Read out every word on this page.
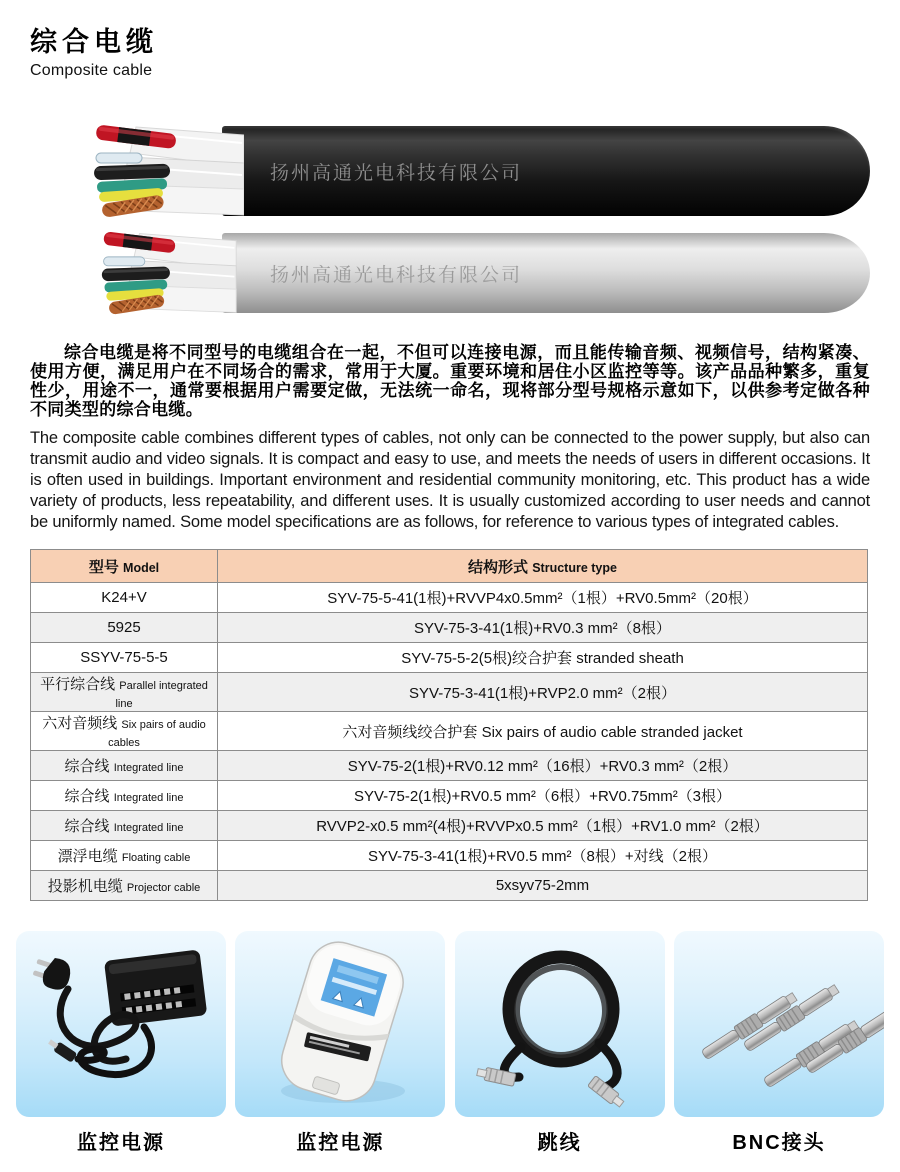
综合电缆
Composite cable
扬州高通光电科技有限公司
扬州高通光电科技有限公司

综合电缆是将不同型号的电缆组合在一起，不但可以连接电源，而且能传输音频、视频信号，结构紧凑、使用方便，满足用户在不同场合的需求，常用于大厦。重要环境和居住小区监控等等。该产品品种繁多，重复性少，用途不一，通常要根据用户需要定做，无法统一命名，现将部分型号规格示意如下，以供参考定做各种不同类型的综合电缆。

The composite cable combines different types of cables, not only can be connected to the power supply, but also can transmit audio and video signals. It is compact and easy to use, and meets the needs of users in different occasions. It is often used in buildings. Important environment and residential community monitoring, etc. This product has a wide variety of products, less repeatability, and different uses. It is usually customized according to user needs and cannot be uniformly named. Some model specifications are as follows, for reference to various types of integrated cables.

型号 Model	结构形式 Structure type
K24+V	SYV-75-5-41(1根)+RVVP4x0.5mm²（1根）+RV0.5mm²（20根）
5925	SYV-75-3-41(1根)+RV0.3 mm²（8根）
SSYV-75-5-5	SYV-75-5-2(5根)绞合护套 stranded sheath
平行综合线 Parallel integrated line	SYV-75-3-41(1根)+RVP2.0 mm²（2根）
六对音频线 Six pairs of audio cables	六对音频线绞合护套 Six pairs of audio cable stranded jacket
综合线 Integrated line	SYV-75-2(1根)+RV0.12 mm²（16根）+RV0.3 mm²（2根）
综合线 Integrated line	SYV-75-2(1根)+RV0.5 mm²（6根）+RV0.75mm²（3根）
综合线 Integrated line	RVVP2-x0.5 mm²(4根)+RVVPx0.5 mm²（1根）+RV1.0 mm²（2根）
漂浮电缆 Floating cable	SYV-75-3-41(1根)+RV0.5 mm²（8根）+对线（2根）
投影机电缆 Projector cable	5xsyv75-2mm
监控电源	监控电源	跳线	BNC接头
